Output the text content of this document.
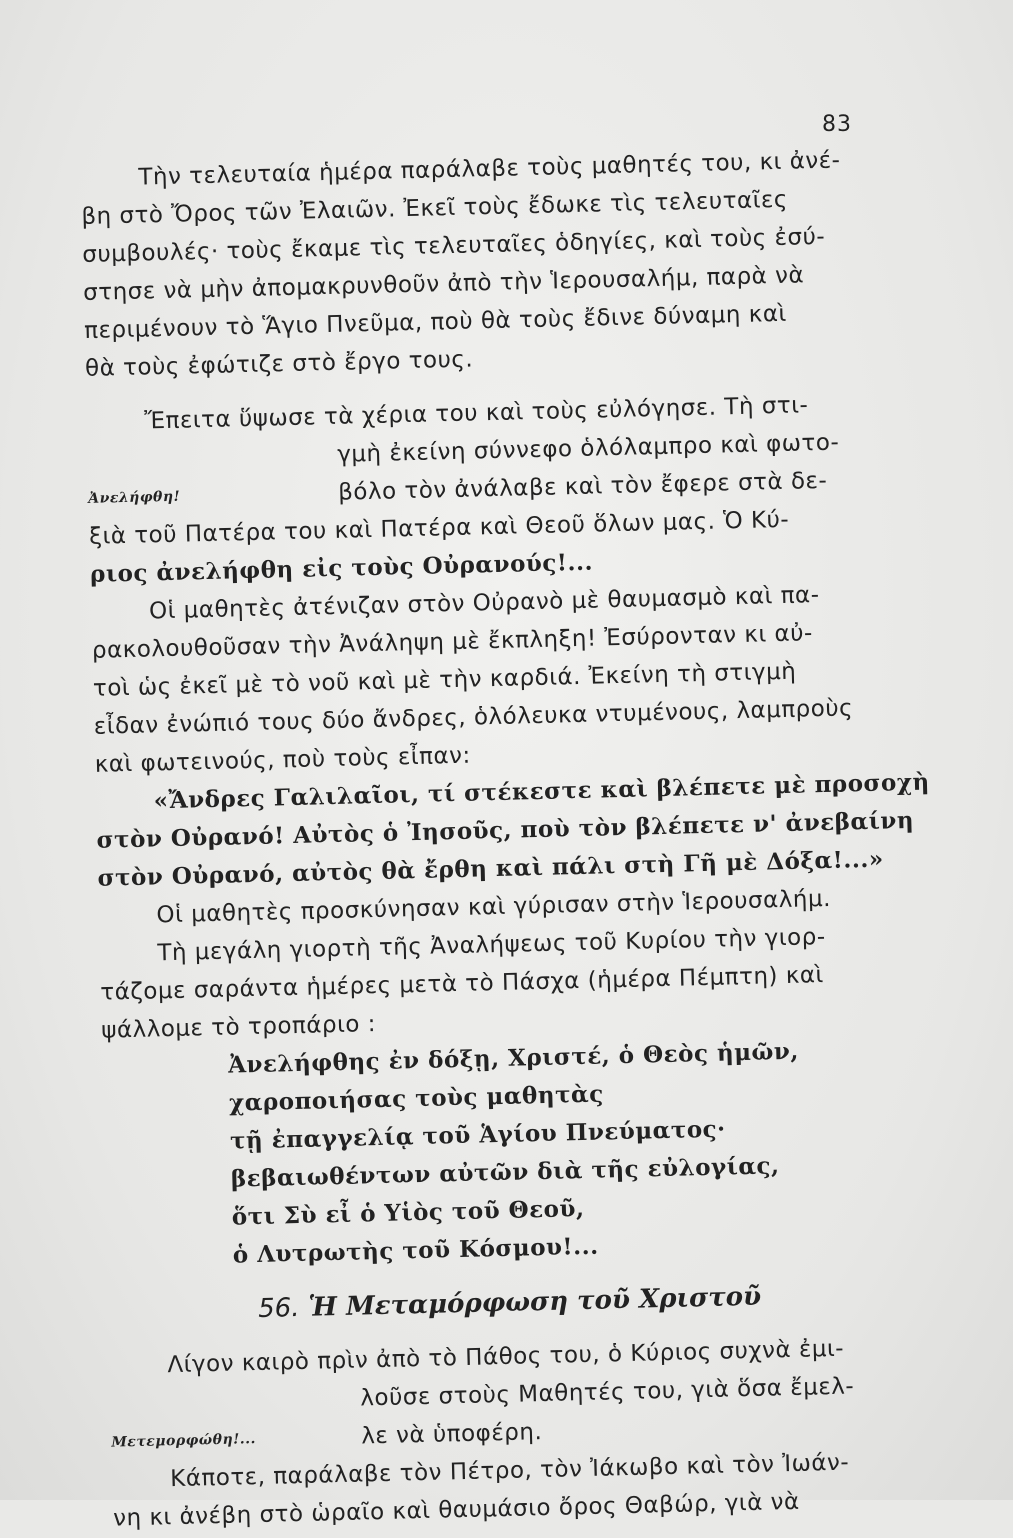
83
Τὴν τελευταία ἡμέρα παράλαβε τοὺς μαθητές του, κι ἀνέ-
βη στὸ Ὄρος τῶν Ἐλαιῶν. Ἐκεῖ τοὺς ἔδωκε τὶς τελευταῖες
συμβουλές· τοὺς ἔκαμε τὶς τελευταῖες ὁδηγίες, καὶ τοὺς ἐσύ-
στησε νὰ μὴν ἀπομακρυνθοῦν ἀπὸ τὴν Ἱερουσαλήμ, παρὰ νὰ
περιμένουν τὸ Ἅγιο Πνεῦμα, ποὺ θὰ τοὺς ἔδινε δύναμη καὶ
θὰ τοὺς ἐφώτιζε στὸ ἔργο τους.
Ἔπειτα ὕψωσε τὰ χέρια του καὶ τοὺς εὐλόγησε. Τὴ στι-
γμὴ ἐκείνη σύννεφο ὁλόλαμπρο καὶ φωτο-
Ἀνελήφθη!	βόλο τὸν ἀνάλαβε καὶ τὸν ἔφερε στὰ δε-
ξιὰ τοῦ Πατέρα του καὶ Πατέρα καὶ Θεοῦ ὅλων μας. Ὁ Κύ-
ριος ἀνελήφθη εἰς τοὺς Οὐρανούς!...
Οἱ μαθητὲς ἀτένιζαν στὸν Οὐρανὸ μὲ θαυμασμὸ καὶ πα-
ρακολουθοῦσαν τὴν Ἀνάληψη μὲ ἔκπληξη! Ἐσύρονταν κι αὐ-
τοὶ ὡς ἐκεῖ μὲ τὸ νοῦ καὶ μὲ τὴν καρδιά. Ἐκείνη τὴ στιγμὴ
εἶδαν ἐνώπιό τους δύο ἄνδρες, ὁλόλευκα ντυμένους, λαμπροὺς
καὶ φωτεινούς, ποὺ τοὺς εἶπαν:
«Ἄνδρες Γαλιλαῖοι, τί στέκεστε καὶ βλέπετε μὲ προσοχὴ
στὸν Οὐρανό! Αὐτὸς ὁ Ἰησοῦς, ποὺ τὸν βλέπετε ν' ἀνεβαίνη
στὸν Οὐρανό, αὐτὸς θὰ ἔρθη καὶ πάλι στὴ Γῆ μὲ Δόξα!...»
Οἱ μαθητὲς προσκύνησαν καὶ γύρισαν στὴν Ἱερουσαλήμ.
Τὴ μεγάλη γιορτὴ τῆς Ἀναλήψεως τοῦ Κυρίου τὴν γιορ-
τάζομε σαράντα ἡμέρες μετὰ τὸ Πάσχα (ἡμέρα Πέμπτη) καὶ
ψάλλομε τὸ τροπάριο :
Ἀνελήφθης ἐν δόξῃ, Χριστέ, ὁ Θεὸς ἡμῶν,
χαροποιήσας τοὺς μαθητὰς
τῇ ἐπαγγελίᾳ τοῦ Ἁγίου Πνεύματος·
βεβαιωθέντων αὐτῶν διὰ τῆς εὐλογίας,
ὅτι Σὺ εἶ ὁ Υἱὸς τοῦ Θεοῦ,
ὁ Λυτρωτὴς τοῦ Κόσμου!...
56. Ἡ Μεταμόρφωση τοῦ Χριστοῦ
Λίγον καιρὸ πρὶν ἀπὸ τὸ Πάθος του, ὁ Κύριος συχνὰ ἐμι-
λοῦσε στοὺς Μαθητές του, γιὰ ὅσα ἔμελ-
Μετεμορφώθη!...	λε νὰ ὑποφέρη.
Κάποτε, παράλαβε τὸν Πέτρο, τὸν Ἰάκωβο καὶ τὸν Ἰωάν-
νη κι ἀνέβη στὸ ὡραῖο καὶ θαυμάσιο ὄρος Θαβώρ, γιὰ νὰ
